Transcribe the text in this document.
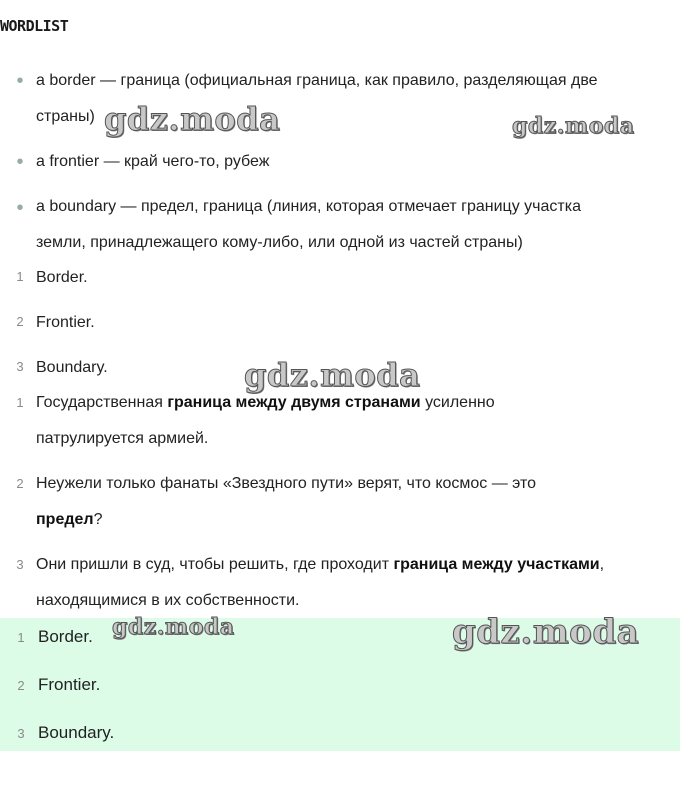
WORDLIST
• a border — граница (официальная граница, как правило, разделяющая две
страны)
• a frontier — край чего-то, рубеж
• a boundary — предел, граница (линия, которая отмечает границу участка
земли, принадлежащего кому-либо, или одной из частей страны)
1 Border.
2 Frontier.
3 Boundary.
1 Государственная граница между двумя странами усиленно
патрулируется армией.
2 Неужели только фанаты «Звездного пути» верят, что космос — это
предел?
3 Они пришли в суд, чтобы решить, где проходит граница между участками,
находящимися в их собственности.
1 Border.
2 Frontier.
3 Boundary.
gdz.moda	gdz.moda
gdz.moda
gdz.moda	gdz.moda
